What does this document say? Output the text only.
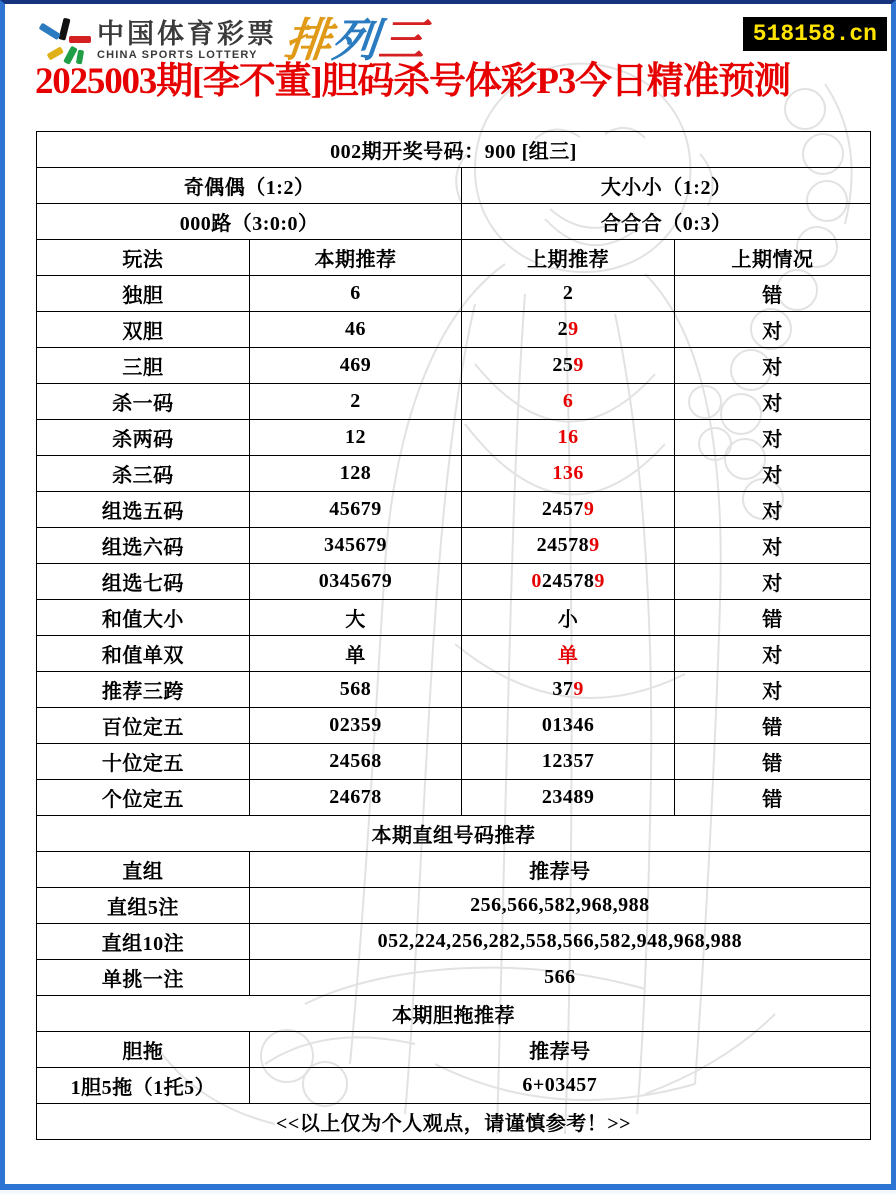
中国体育彩票
CHINA SPORTS LOTTERY 排列三	518158.cn
2025003期[李不董]胆码杀号体彩P3今日精准预测
002期开奖号码：900 [组三]			
奇偶偶（1:2）		大小小（1:2）	
000路（3:0:0）		合合合（0:3）	
玩法	本期推荐	上期推荐	上期情况
独胆	6	2	错
双胆	46	29	对
三胆	469	259	对
杀一码	2	6	对
杀两码	12	16	对
杀三码	128	136	对
组选五码	45679	24579	对
组选六码	345679	245789	对
组选七码	0345679	0245789	对
和值大小	大	小	错
和值单双	单	单	对
推荐三跨	568	379	对
百位定五	02359	01346	错
十位定五	24568	12357	错
个位定五	24678	23489	错
本期直组号码推荐			
直组	推荐号		
直组5注	256,566,582,968,988		
直组10注	052,224,256,282,558,566,582,948,968,988		
单挑一注	566		
本期胆拖推荐			
胆拖	推荐号		
1胆5拖（1托5）	6+03457		
<<以上仅为个人观点，请谨慎参考！>>			
